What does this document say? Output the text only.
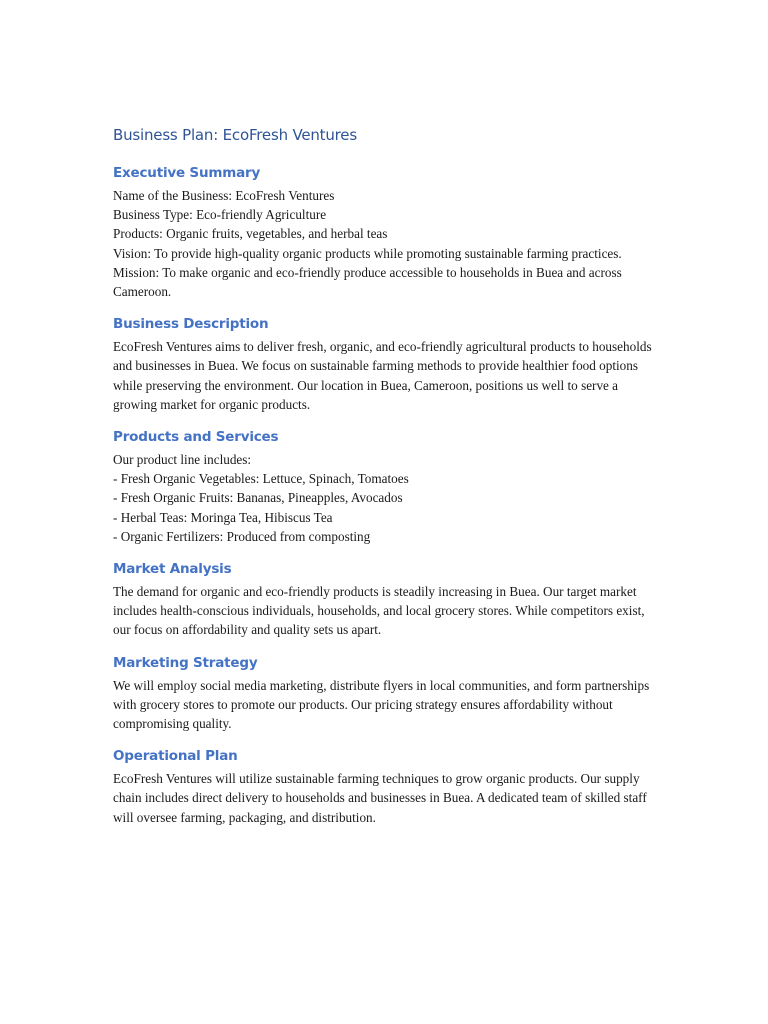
Business Plan: EcoFresh Ventures
Executive Summary

Name of the Business: EcoFresh Ventures

Business Type: Eco-friendly Agriculture

Products: Organic fruits, vegetables, and herbal teas

Vision: To provide high-quality organic products while promoting sustainable farming practices.

Mission: To make organic and eco-friendly produce accessible to households in Buea and across Cameroon.

Business Description

EcoFresh Ventures aims to deliver fresh, organic, and eco-friendly agricultural products to households and businesses in Buea. We focus on sustainable farming methods to provide healthier food options while preserving the environment. Our location in Buea, Cameroon, positions us well to serve a growing market for organic products.

Products and Services

Our product line includes:

- Fresh Organic Vegetables: Lettuce, Spinach, Tomatoes

- Fresh Organic Fruits: Bananas, Pineapples, Avocados

- Herbal Teas: Moringa Tea, Hibiscus Tea

- Organic Fertilizers: Produced from composting

Market Analysis

The demand for organic and eco-friendly products is steadily increasing in Buea. Our target market includes health-conscious individuals, households, and local grocery stores. While competitors exist, our focus on affordability and quality sets us apart.

Marketing Strategy

We will employ social media marketing, distribute flyers in local communities, and form partnerships with grocery stores to promote our products. Our pricing strategy ensures affordability without compromising quality.

Operational Plan

EcoFresh Ventures will utilize sustainable farming techniques to grow organic products. Our supply chain includes direct delivery to households and businesses in Buea. A dedicated team of skilled staff will oversee farming, packaging, and distribution.
